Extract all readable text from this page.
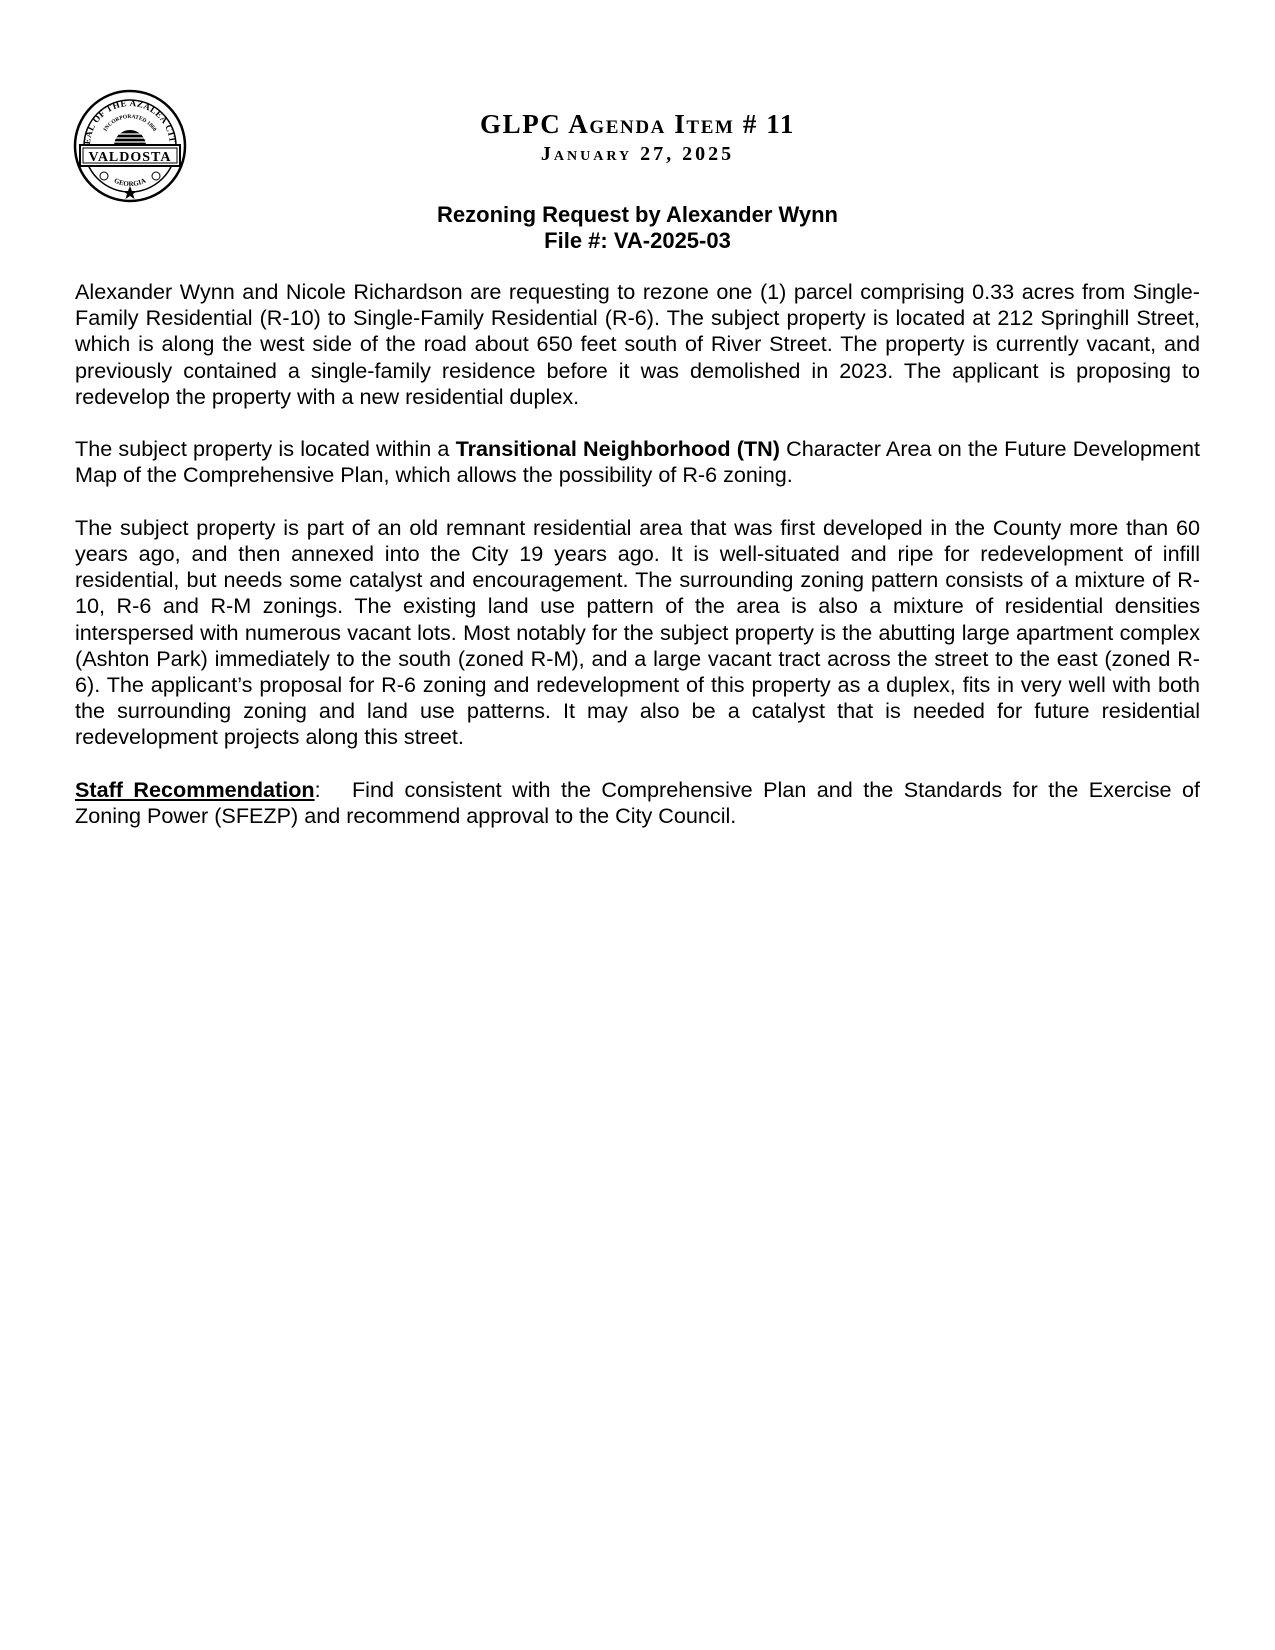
EAL OF THE AZALEA CIT
INCORPORATED 1860
VALDOSTA
GEORGIA
GLPC Agenda Item # 11
January 27, 2025
Rezoning Request by Alexander Wynn
File #: VA-2025-03

Alexander Wynn and Nicole Richardson are requesting to rezone one (1) parcel comprising 0.33 acres from Single-Family Residential (R-10) to Single-Family Residential (R-6). The subject property is located at 212 Springhill Street, which is along the west side of the road about 650 feet south of River Street. The property is currently vacant, and previously contained a single-family residence before it was demolished in 2023. The applicant is proposing to redevelop the property with a new residential duplex.

The subject property is located within a Transitional Neighborhood (TN) Character Area on the Future Development Map of the Comprehensive Plan, which allows the possibility of R-6 zoning.

The subject property is part of an old remnant residential area that was first developed in the County more than 60 years ago, and then annexed into the City 19 years ago. It is well-situated and ripe for redevelopment of infill residential, but needs some catalyst and encouragement. The surrounding zoning pattern consists of a mixture of R-10, R-6 and R-M zonings. The existing land use pattern of the area is also a mixture of residential densities interspersed with numerous vacant lots. Most notably for the subject property is the abutting large apartment complex (Ashton Park) immediately to the south (zoned R-M), and a large vacant tract across the street to the east (zoned R-6). The applicant’s proposal for R-6 zoning and redevelopment of this property as a duplex, fits in very well with both the surrounding zoning and land use patterns. It may also be a catalyst that is needed for future residential redevelopment projects along this street.

Staff Recommendation:   Find consistent with the Comprehensive Plan and the Standards for the Exercise of Zoning Power (SFEZP) and recommend approval to the City Council.
